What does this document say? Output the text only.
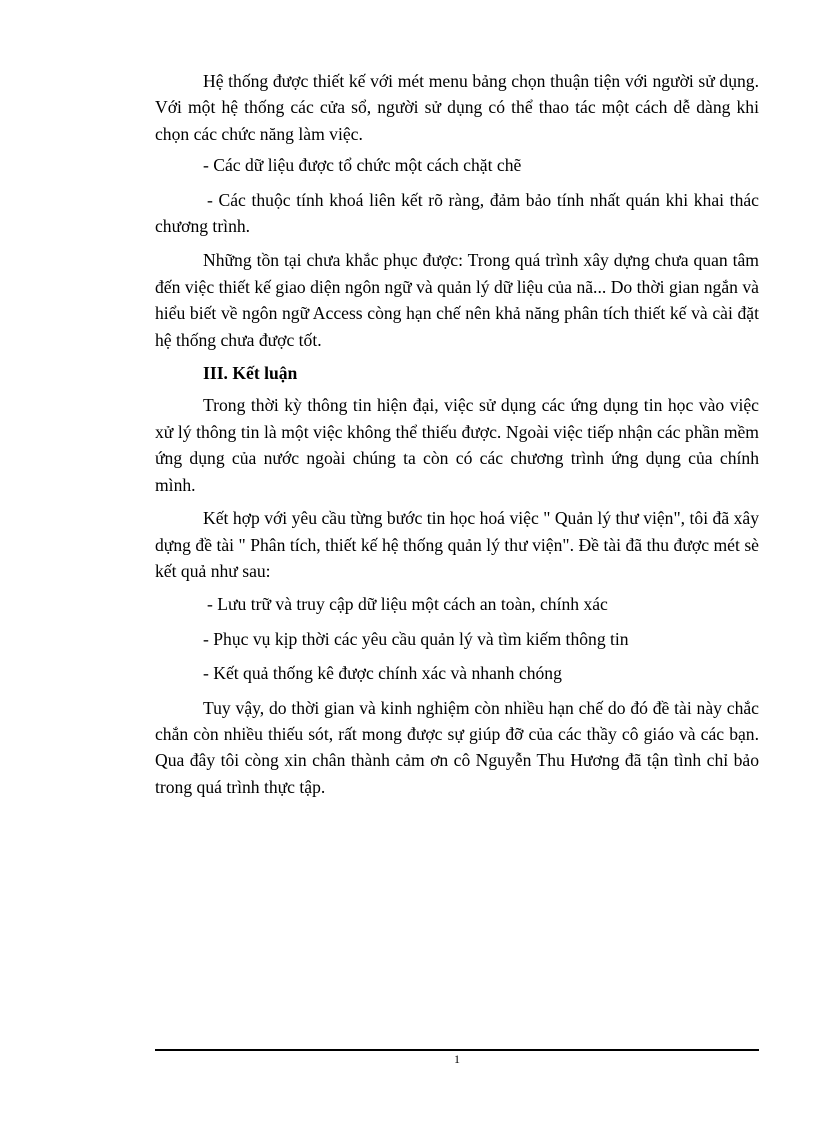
Hệ thống được thiết kế với mét menu bảng chọn thuận tiện với người sử dụng. Với một hệ thống các cửa sổ, người sử dụng có thể thao tác một cách dễ dàng khi chọn các chức năng làm việc.

- Các dữ liệu được tổ chức một cách chặt chẽ

- Các thuộc tính khoá liên kết rõ ràng, đảm bảo tính nhất quán khi khai thác chương trình.

Những tồn tại chưa khắc phục được: Trong quá trình xây dựng chưa quan tâm đến việc thiết kế giao diện ngôn ngữ và quản lý dữ liệu của nã... Do thời gian ngắn và hiểu biết về ngôn ngữ Access còng hạn chế nên khả năng phân tích thiết kế và cài đặt hệ thống chưa được tốt.

III. Kết luận

Trong thời kỳ thông tin hiện đại, việc sử dụng các ứng dụng tin học vào việc xử lý thông tin là một việc không thể thiếu được. Ngoài việc tiếp nhận các phần mềm ứng dụng của nước ngoài chúng ta còn có các chương trình ứng dụng của chính mình.

Kết hợp với yêu cầu từng bước tin học hoá việc " Quản lý thư viện", tôi đã xây dựng đề tài " Phân tích, thiết kế hệ thống quản lý thư viện". Đề tài đã thu được mét sè kết quả như sau:

- Lưu trữ và truy cập dữ liệu một cách an toàn, chính xác

- Phục vụ kịp thời các yêu cầu quản lý và tìm kiếm thông tin

- Kết quả thống kê được chính xác và nhanh chóng

Tuy vậy, do thời gian và kinh nghiệm còn nhiều hạn chế do đó đề tài này chắc chắn còn nhiều thiếu sót, rất mong được sự giúp đỡ của các thầy cô giáo và các bạn. Qua đây tôi còng xin chân thành cảm ơn cô Nguyễn Thu Hương đã tận tình chỉ bảo trong quá trình thực tập.

1
